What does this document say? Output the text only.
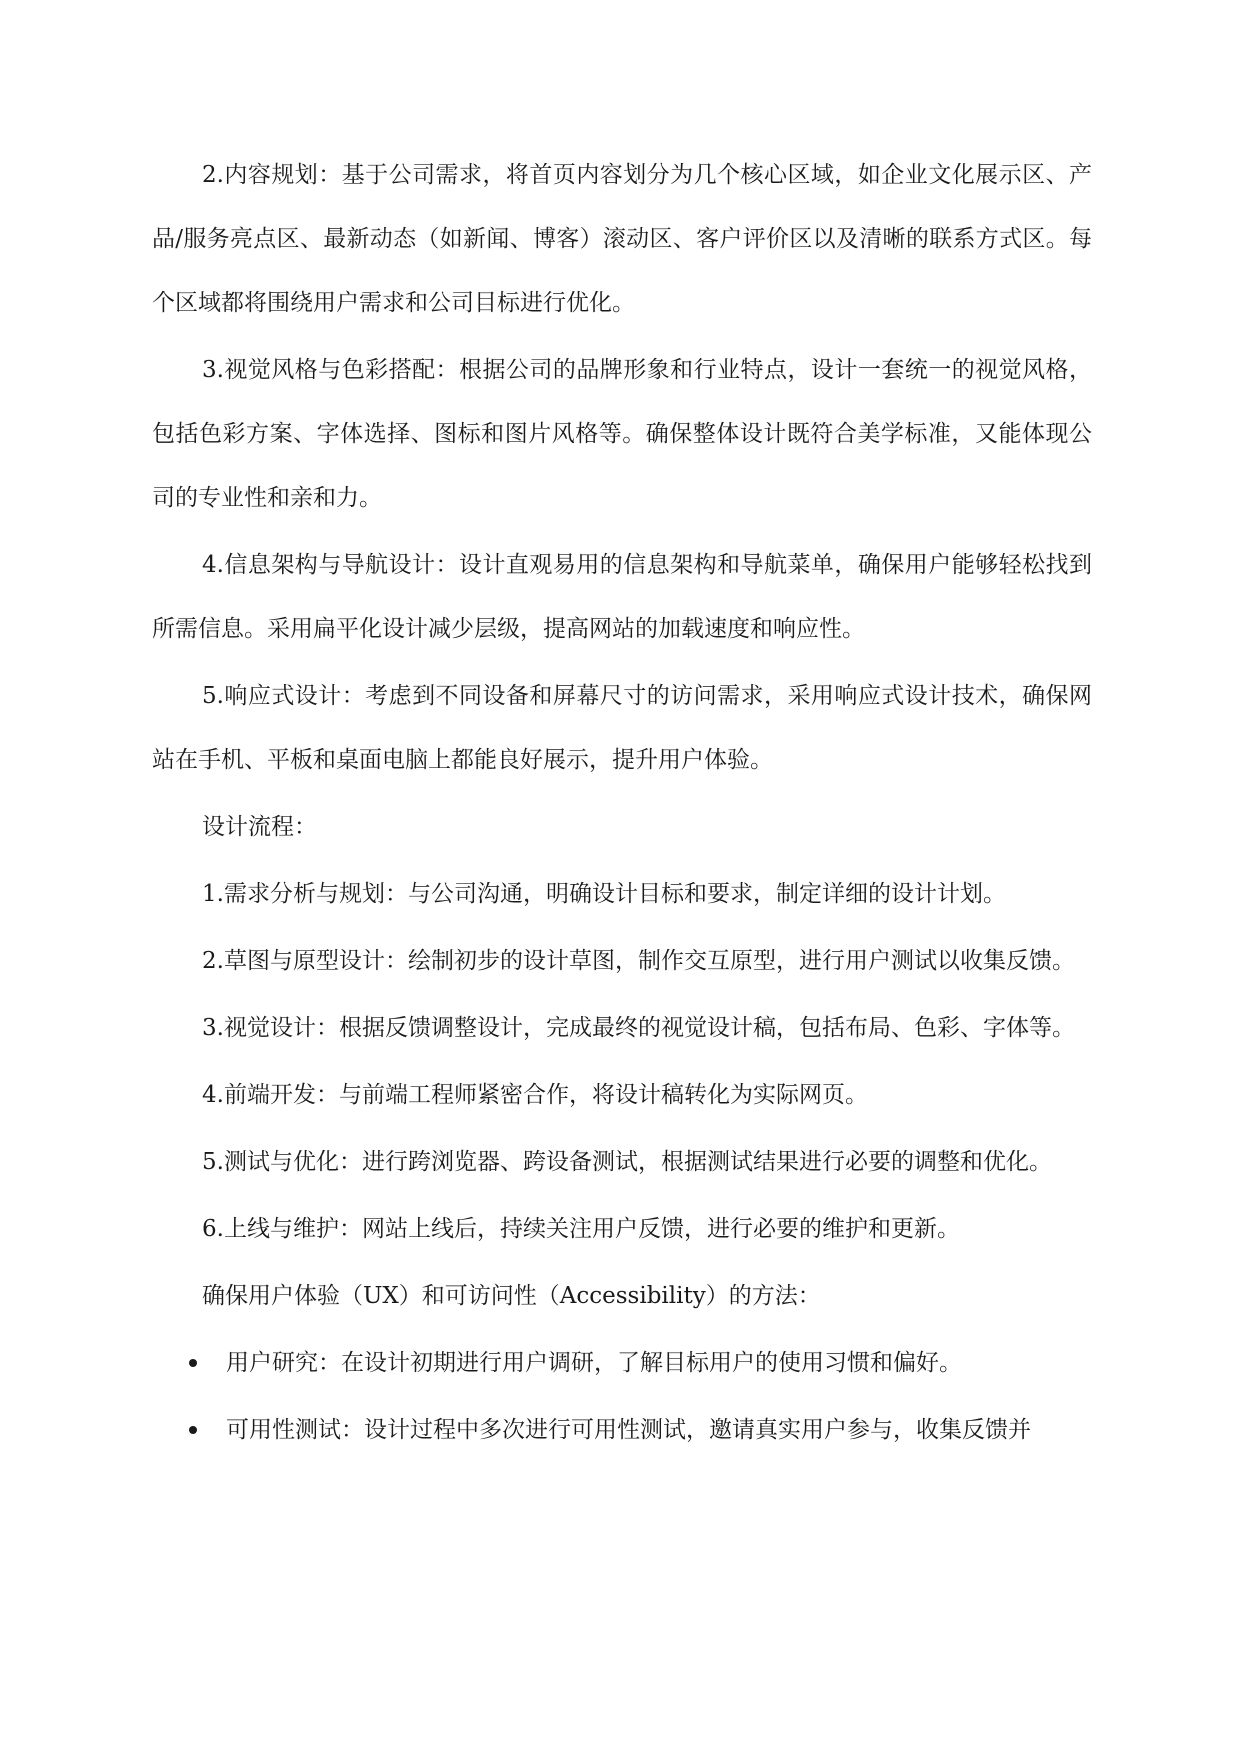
2.内容规划：基于公司需求，将首页内容划分为几个核心区域，如企业文化展示区、产品/服务亮点区、最新动态（如新闻、博客）滚动区、客户评价区以及清晰的联系方式区。每个区域都将围绕用户需求和公司目标进行优化。

3.视觉风格与色彩搭配：根据公司的品牌形象和行业特点，设计一套统一的视觉风格，包括色彩方案、字体选择、图标和图片风格等。确保整体设计既符合美学标准，又能体现公司的专业性和亲和力。

4.信息架构与导航设计：设计直观易用的信息架构和导航菜单，确保用户能够轻松找到所需信息。采用扁平化设计减少层级，提高网站的加载速度和响应性。

5.响应式设计：考虑到不同设备和屏幕尺寸的访问需求，采用响应式设计技术，确保网站在手机、平板和桌面电脑上都能良好展示，提升用户体验。

设计流程：

1.需求分析与规划：与公司沟通，明确设计目标和要求，制定详细的设计计划。

2.草图与原型设计：绘制初步的设计草图，制作交互原型，进行用户测试以收集反馈。

3.视觉设计：根据反馈调整设计，完成最终的视觉设计稿，包括布局、色彩、字体等。

4.前端开发：与前端工程师紧密合作，将设计稿转化为实际网页。

5.测试与优化：进行跨浏览器、跨设备测试，根据测试结果进行必要的调整和优化。

6.上线与维护：网站上线后，持续关注用户反馈，进行必要的维护和更新。

确保用户体验（UX）和可访问性（Accessibility）的方法：

用户研究：在设计初期进行用户调研，了解目标用户的使用习惯和偏好。
可用性测试：设计过程中多次进行可用性测试，邀请真实用户参与，收集反馈并
